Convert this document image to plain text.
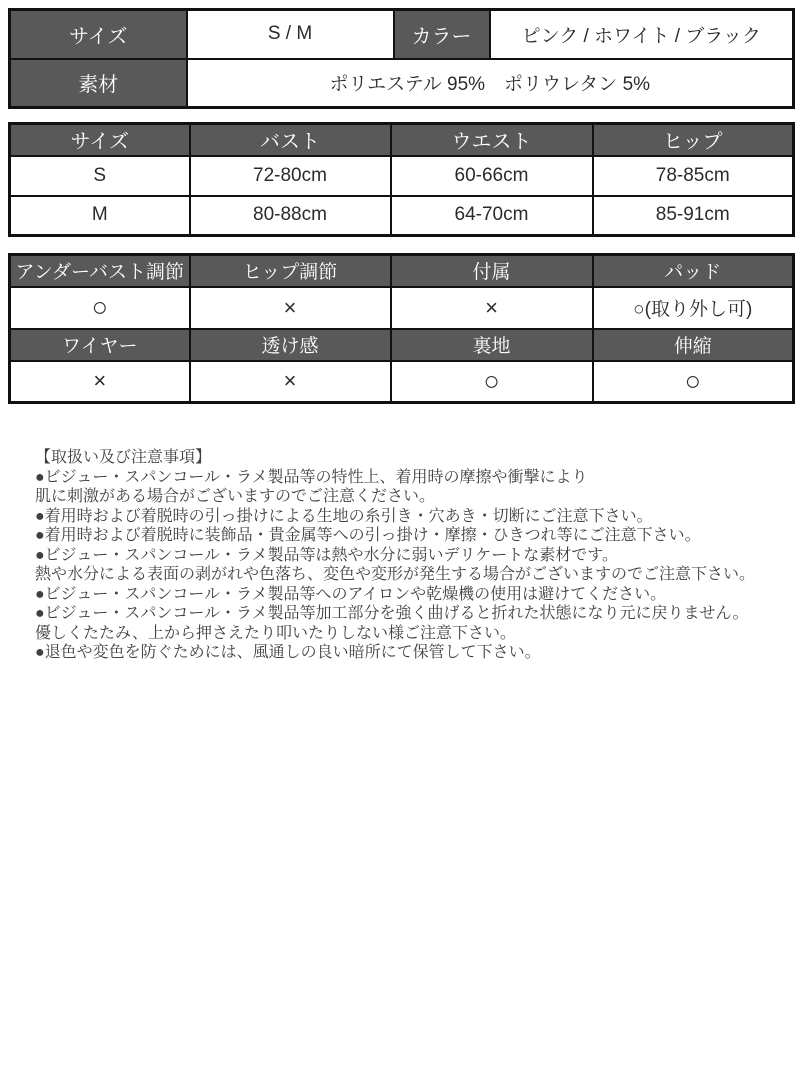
サイズ	S / M	カラー	ピンク / ホワイト / ブラック
素材	ポリエステル 95%　ポリウレタン 5%		
サイズ	バスト	ウエスト	ヒップ
S	72-80cm	60-66cm	78-85cm
M	80-88cm	64-70cm	85-91cm
アンダーバスト調節	ヒップ調節	付属	パッド
○	×	×	○(取り外し可)
ワイヤー	透け感	裏地	伸縮
×	×	○	○
【取扱い及び注意事項】
●ビジュー・スパンコール・ラメ製品等の特性上、着用時の摩擦や衝撃により
肌に刺激がある場合がございますのでご注意ください。
●着用時および着脱時の引っ掛けによる生地の糸引き・穴あき・切断にご注意下さい。
●着用時および着脱時に装飾品・貴金属等への引っ掛け・摩擦・ひきつれ等にご注意下さい。
●ビジュー・スパンコール・ラメ製品等は熱や水分に弱いデリケートな素材です。
熱や水分による表面の剥がれや色落ち、変色や変形が発生する場合がございますのでご注意下さい。
●ビジュー・スパンコール・ラメ製品等へのアイロンや乾燥機の使用は避けてください。
●ビジュー・スパンコール・ラメ製品等加工部分を強く曲げると折れた状態になり元に戻りません。
優しくたたみ、上から押さえたり叩いたりしない様ご注意下さい。
●退色や変色を防ぐためには、風通しの良い暗所にて保管して下さい。
